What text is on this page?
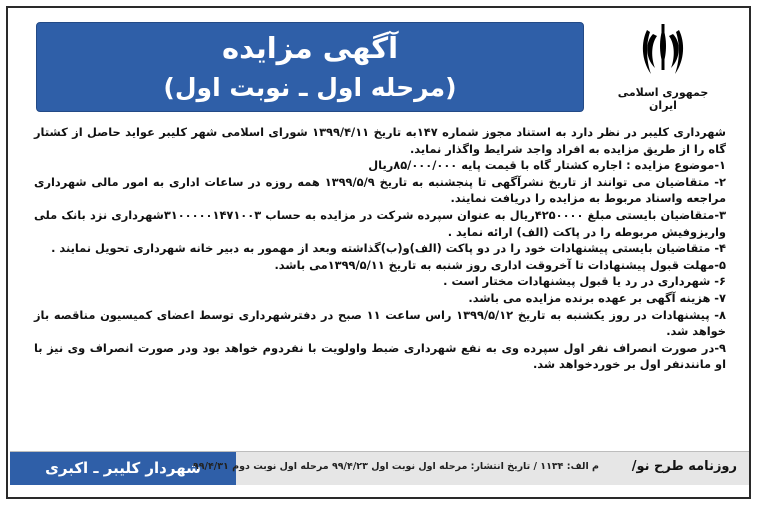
آگهی مزایده
(مرحله اول ـ نوبت اول)	جمهوری اسلامی ایران

شهرداری کلیبر در نظر دارد به استناد مجوز شماره ۱۴۷به تاریخ ۱۳۹۹/۴/۱۱ شورای اسلامی شهر کلیبر عواید حاصل از کشتار گاه را از طریق مزایده به افراد واجد شرایط واگذار نماید.

۱-موضوع مزایده : اجاره کشتار گاه با قیمت پایه ۸۵/۰۰۰/۰۰۰ریال

۲- متقاضیان می توانند از تاریخ نشرآگهی تا پنجشنبه به تاریخ ۱۳۹۹/۵/۹ همه روزه در ساعات اداری به امور مالی شهرداری مراجعه واسناد مربوط به مزایده را دریافت نمایند.

۳-متقاضیان بایستی مبلغ ۴۲۵۰۰۰۰ریال به عنوان سپرده شرکت در مزایده به حساب ۳۱۰۰۰۰۰۱۴۷۱۰۰۳شهرداری نزد بانک ملی واریزوفیش مربوطه را در پاکت (الف) ارائه نماید .

۴- متقاضیان بایستی پیشنهادات خود را در دو پاکت (الف)و(ب)گذاشته وبعد از مهمور به دبیر خانه شهرداری تحویل نمایند .

۵-مهلت قبول پیشنهادات تا آخروقت اداری روز شنبه به تاریخ ۱۳۹۹/۵/۱۱می باشد.

۶- شهرداری در رد یا قبول پیشنهادات مختار است .

۷- هزینه آگهی بر عهده برنده مزایده می باشد.

۸- پیشنهادات در روز یکشنبه به تاریخ ۱۳۹۹/۵/۱۲ راس ساعت ۱۱ صبح در دفترشهرداری توسط اعضای کمیسیون مناقصه باز خواهد شد.

۹-در صورت انصراف نفر اول سپرده وی به نفع شهرداری ضبط واولویت با نفردوم خواهد بود ودر صورت انصراف وی نیز با او مانندنفر اول بر خوردخواهد شد.

شهردار کلیبر ـ اکبری
م الف: ۱۱۳۴ / تاریخ انتشار: مرحله اول نوبت اول ۹۹/۴/۲۳ مرحله اول نوبت دوم ۹۹/۴/۳۱	روزنامه طرح نو/
